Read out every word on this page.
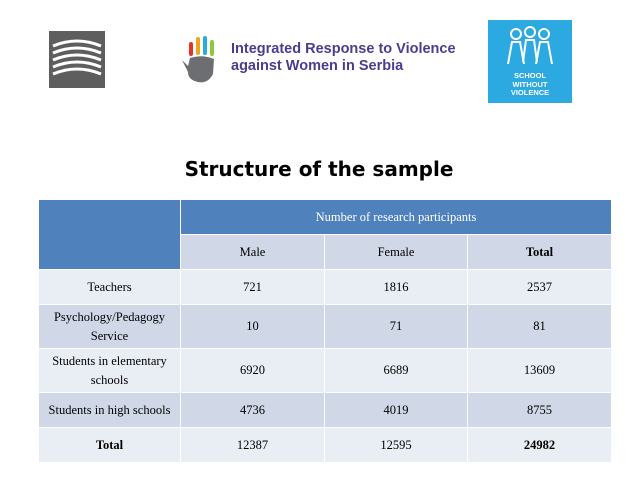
Integrated Response to Violence
against Women in Serbia
SCHOOL
WITHOUT
VIOLENCE
Structure of the sample
	Number of research participants		
	Male	Female	Total
Teachers	721	1816	2537
Psychology/Pedagogy Service	10	71	81
Students in elementary schools	6920	6689	13609
Students in high schools	4736	4019	8755
Total	12387	12595	24982
